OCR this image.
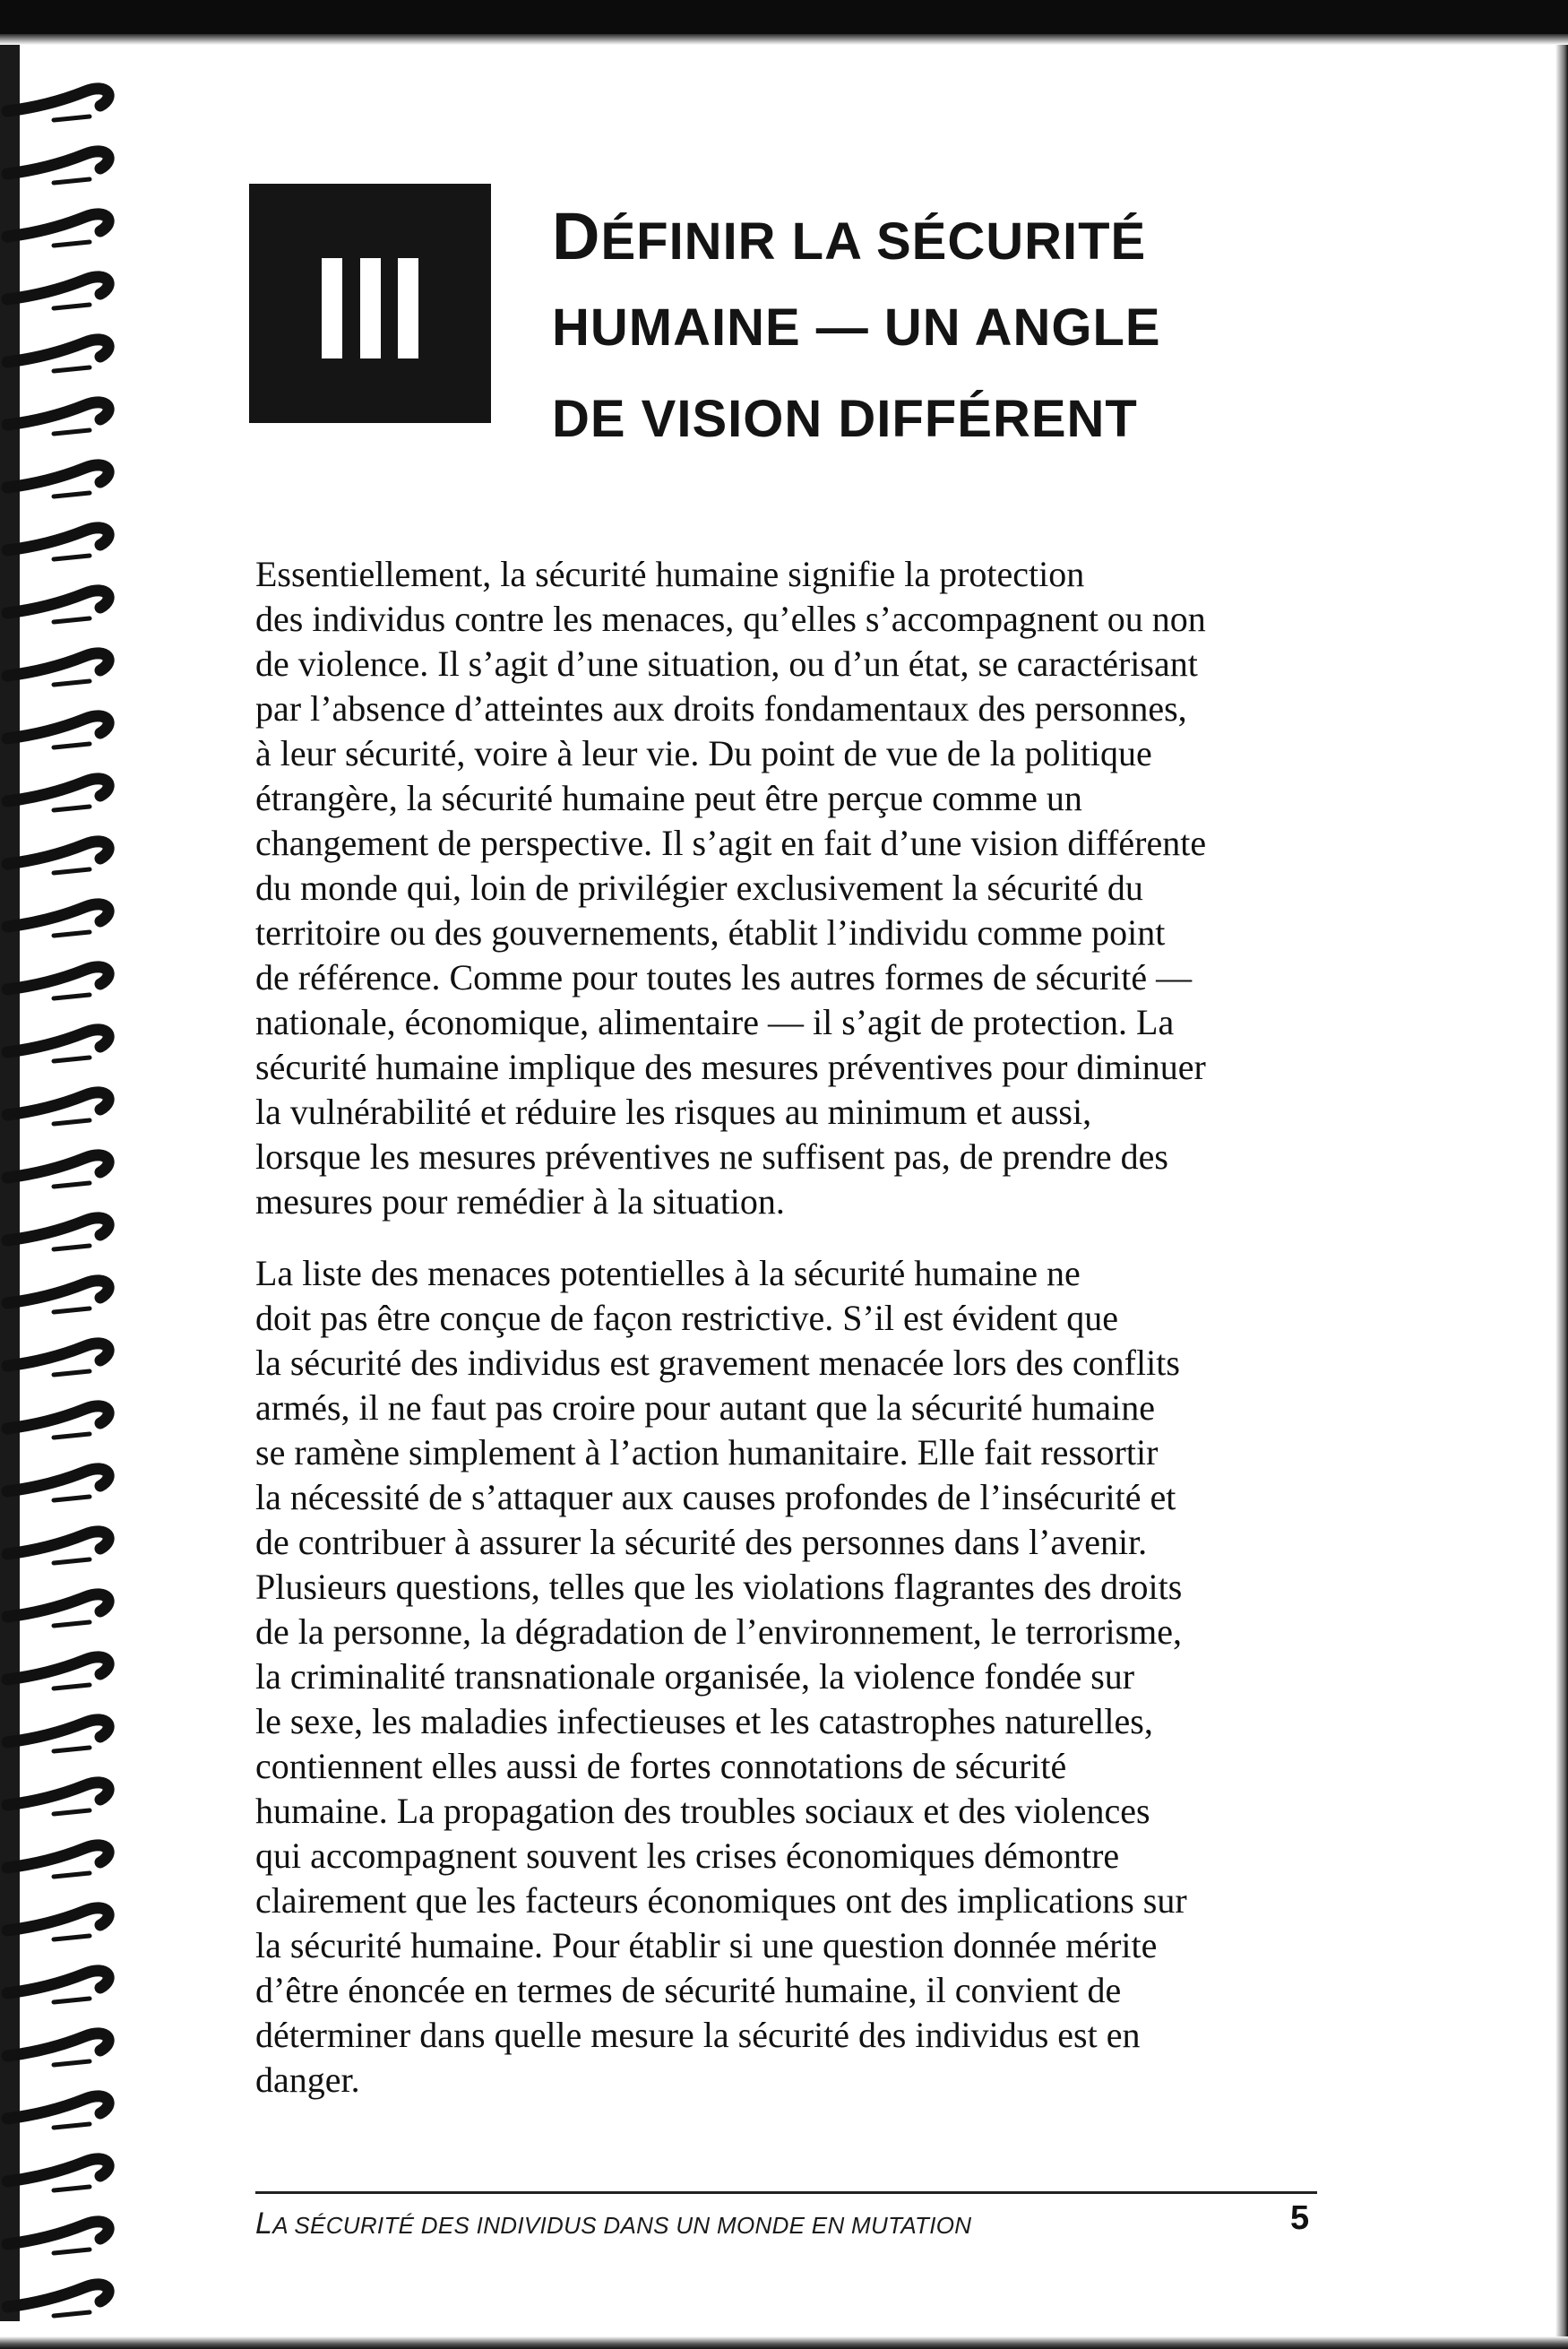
DÉFINIR LA SÉCURITÉ
HUMAINE — UN ANGLE
DE VISION DIFFÉRENT

Essentiellement, la sécurité humaine signifie la protection
des individus contre les menaces, qu’elles s’accompagnent ou non
de violence. Il s’agit d’une situation, ou d’un état, se caractérisant
par l’absence d’atteintes aux droits fondamentaux des personnes,
à leur sécurité, voire à leur vie. Du point de vue de la politique
étrangère, la sécurité humaine peut être perçue comme un
changement de perspective. Il s’agit en fait d’une vision différente
du monde qui, loin de privilégier exclusivement la sécurité du
territoire ou des gouvernements, établit l’individu comme point
de référence. Comme pour toutes les autres formes de sécurité —
nationale, économique, alimentaire — il s’agit de protection. La
sécurité humaine implique des mesures préventives pour diminuer
la vulnérabilité et réduire les risques au minimum et aussi,
lorsque les mesures préventives ne suffisent pas, de prendre des
mesures pour remédier à la situation.

La liste des menaces potentielles à la sécurité humaine ne
doit pas être conçue de façon restrictive. S’il est évident que
la sécurité des individus est gravement menacée lors des conflits
armés, il ne faut pas croire pour autant que la sécurité humaine
se ramène simplement à l’action humanitaire. Elle fait ressortir
la nécessité de s’attaquer aux causes profondes de l’insécurité et
de contribuer à assurer la sécurité des personnes dans l’avenir.
Plusieurs questions, telles que les violations flagrantes des droits
de la personne, la dégradation de l’environnement, le terrorisme,
la criminalité transnationale organisée, la violence fondée sur
le sexe, les maladies infectieuses et les catastrophes naturelles,
contiennent elles aussi de fortes connotations de sécurité
humaine. La propagation des troubles sociaux et des violences
qui accompagnent souvent les crises économiques démontre
clairement que les facteurs économiques ont des implications sur
la sécurité humaine. Pour établir si une question donnée mérite
d’être énoncée en termes de sécurité humaine, il convient de
déterminer dans quelle mesure la sécurité des individus est en
danger.

LA SÉCURITÉ DES INDIVIDUS DANS UN MONDE EN MUTATION	5
